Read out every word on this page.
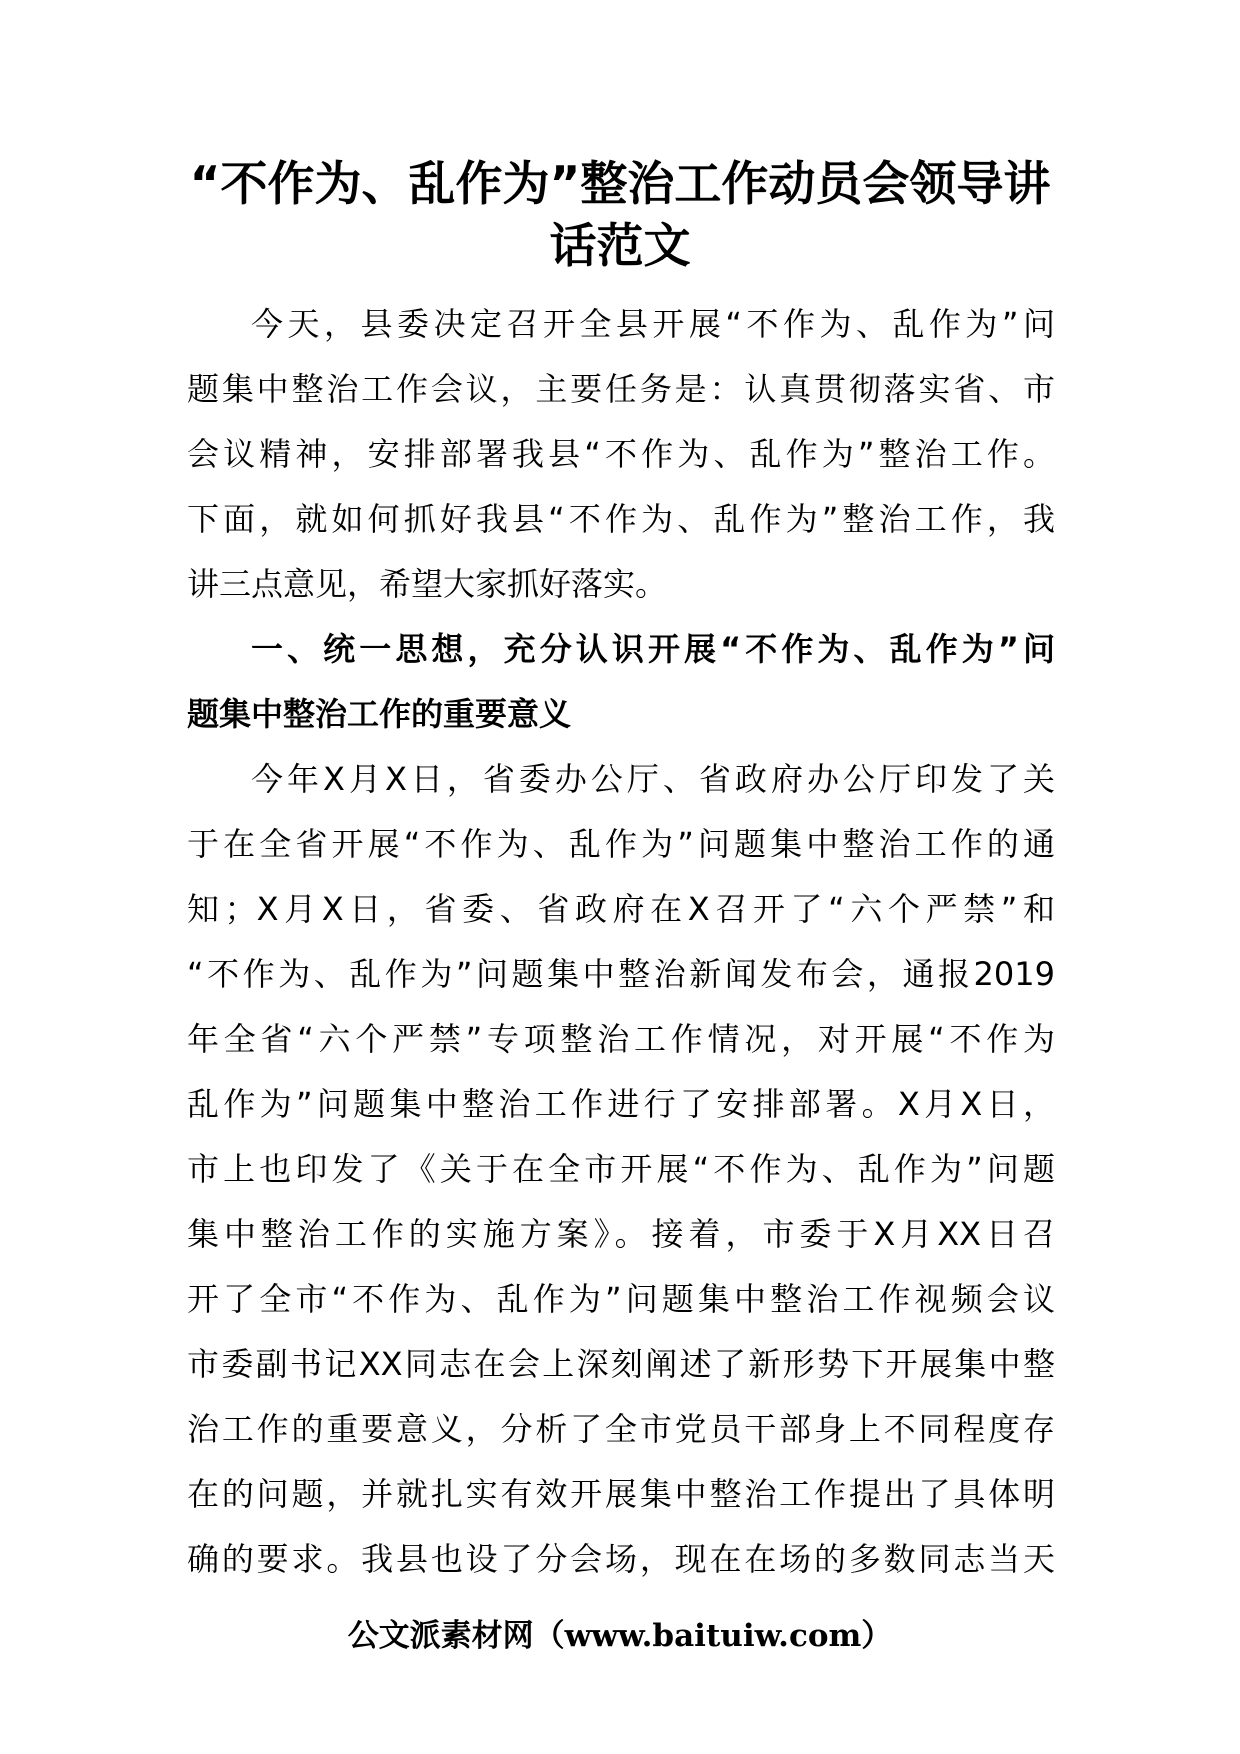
“不作为、乱作为”整治工作动员会领导讲
话范文
今天，县委决定召开全县开展“不作为、乱作为”问
题集中整治工作会议，主要任务是：认真贯彻落实省、市
会议精神，安排部署我县“不作为、乱作为”整治工作。
下面，就如何抓好我县“不作为、乱作为”整治工作，我
讲三点意见，希望大家抓好落实。
一、统一思想，充分认识开展“不作为、乱作为”问
题集中整治工作的重要意义
今年X月X日，省委办公厅、省政府办公厅印发了关
于在全省开展“不作为、乱作为”问题集中整治工作的通
知；X月X日，省委、省政府在X召开了“六个严禁”和
“不作为、乱作为”问题集中整治新闻发布会，通报2019
年全省“六个严禁”专项整治工作情况，对开展“不作为
乱作为”问题集中整治工作进行了安排部署。X月X日，
市上也印发了《关于在全市开展“不作为、乱作为”问题
集中整治工作的实施方案》。接着，市委于X月XX日召
开了全市“不作为、乱作为”问题集中整治工作视频会议
市委副书记XX同志在会上深刻阐述了新形势下开展集中整
治工作的重要意义，分析了全市党员干部身上不同程度存
在的问题，并就扎实有效开展集中整治工作提出了具体明
确的要求。我县也设了分会场，现在在场的多数同志当天
公文派素材网（www.baituiw.com）
